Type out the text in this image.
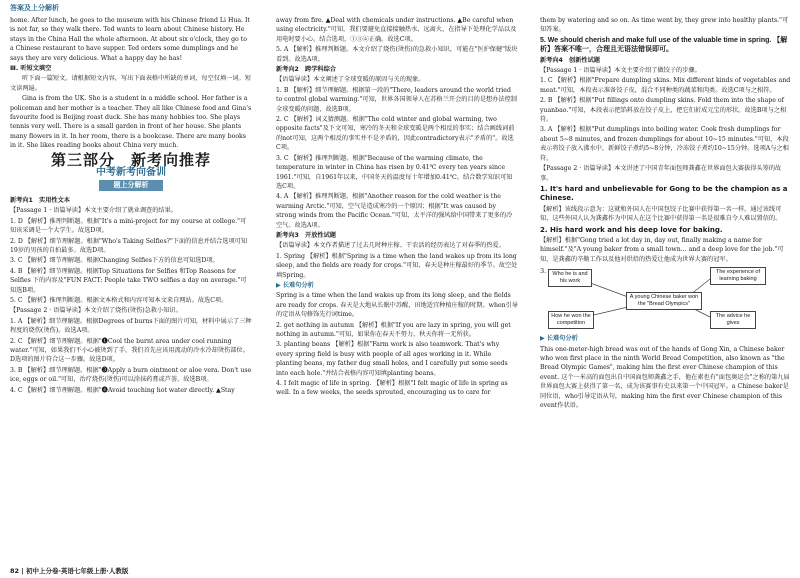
答案及上分解析

home. After lunch, he goes to the museum with his Chinese friend Li Hua. It is not far, so they walk there. Ted wants to learn about Chinese history. He stays in the China Hall the whole afternoon. At about six o'clock, they go to a Chinese restaurant to have supper. Ted orders some dumplings and he says they are very delicious. What a happy day he has!

Ⅲ. 听短文填空

听下面一篇短文。请根据短文内容，写出下面表格中所缺的单词，每空仅填一词。短文读两遍。

Gina is from the UK. She is a student in a middle school. Her father is a policeman and her mother is a teacher. They all like Chinese food and Gina's favourite food is Beijing roast duck. She has many hobbies too. She plays tennis very well. There is a small garden in front of her house. She plants many flowers in it. In her room, there is a bookcase. There are many books in it. She likes reading books about China very much.

第三部分　新考向推荐
中考新考向备训
题上分解析

新考向1　实用性文本

【Passage 1 · 语篇导读】本文主要介绍了就业调查的结果。

1. D 【解析】推理判断题。根据"It's a mini-project for my course at college."可知该采调是一个大学生。故选D项。

2. D 【解析】细节理解题。根据"Who's Taking Selfies?"下面的信息并结合选项可知19岁的男孩的自拍最多。故选D项。

3. C 【解析】细节理解题。根据Changing Selfies下方的信息可知选D项。

4. B 【解析】细节理解题。根据Top Situations for Selfies 和Top Reasons for Selfies 下的内容及"FUN FACT: People take TWO selfies a day on average."可知选B项。

5. C 【解析】推理判断题。根据文本格式和内容可知本文来自网站。故选C项。

【Passage 2 · 语篇导读】本文介绍了烧伤(烫伤)急救小知识。

1. A 【解析】细节理解题。根据Degrees of burns下面的图片可知，材料中展示了三种程度的烧伤(烫伤)。故选A项。

2. C 【解析】细节理解题。根据"❶Cool the burnt area under cool running water."可知，如果我们不小心被烫到了手，我们首先应该用流动的冷水冷却烫伤部位。D选项的图片符合这一步骤。故选D项。

3. B 【解析】细节理解题。根据"❸Apply a burn ointment or aloe vera. Don't use ice, eggs or oil."可知，治疗烧伤(烫伤)可以涂抹药膏或芦荟。故选B项。

4. C 【解析】细节理解题。根据"❹Avoid touching hot water directly. ▲Stay

away from fire. ▲Deal with chemicals under instructions. ▲Be careful when using electricity."可知，我们要避免直接接触热水、远离火、在指导下处理化学品以及用电时要小心。结合选项，①③④正确。故选C项。

5. A 【解析】推理判断题。本文介绍了烧伤(烫伤)的急救小知识，可能在"医护保健"版块看到。故选A项。

新考向2　跨学科综合

【语篇导读】本文阐述了全球变暖的原因与关的现象。

1. B 【解析】细节理解题。根据第一段的"There, leaders around the world tried to control global warming."可知，世界各国领导人在苏格兰开会的目的是想办法控制全球变暖的问题，故选B项。

2. C 【解析】词义猜测题。根据"The cold winter and global warming, two opposite facts"及下文可知，寒冷的冬天和全球变暖是两个相反的事实；结合画线词前的not可知，这两个相反的事实并不是矛盾的，因此contradictory表示"矛盾的"。故选C项。

3. C 【解析】推理判断题。根据"Because of the warming climate, the temperature in winter in China has risen by 0.41℃ every ten years since 1961."可知，自1961年以来，中国冬天的温度每十年增加0.41℃。结合数学知识可知选C项。

4. A 【解析】推理判断题。根据"Another reason for the cold weather is the warming Arctic."可知，空气是造成寒冷的一个原因；根据"It was caused by strong winds from the Pacific Ocean."可知，太平洋的强风给中国带来了更多的冷空气。故选A项。

新考向3　开放性试题

【语篇导读】本文作者描述了过去几时种庄稼、干农活的经历表达了对春季的热爱。

1. Spring 【解析】根据"Spring is a time when the land wakes up from its long sleep, and the fields are ready for crops."可知，春天是种庄稼最好的季节。故空处填Spring。

▶ 长难句分析

Spring is a time when the land wakes up from its long sleep, and the fields are ready for crops. 春天是大地从长眠中苏醒，田地适宜种植庄稼的时期。when引导的定语从句修饰先行词time。

2. get nothing in autumn 【解析】根据"If you are lazy in spring, you will get nothing in autumn."可知，如果你在春天不努力，秋天你将一无所获。

3. planting beans 【解析】根据"Farm work is also teamwork. That's why every spring field is busy with people of all ages working in it. While planting beans, my father dug small holes, and I carefully put some seeds into each hole."并结合表格内容可知填planting beans。

4. I felt magic of life in spring. 【解析】根据"I felt magic of life in spring as well. In a few weeks, the seeds sprouted, encouraging us to care for

them by watering and so on. As time went by, they grew into healthy plants."可知答案。

5. We should cherish and make full use of the valuable time in spring. 【解析】答案不唯一，合理且无语法错误即可。

新考向4　创新性试题

【Passage 1 · 语篇导读】本文主要介绍了做饺子的步骤。

1. C 【解析】根据"Prepare dumpling skins. Mix different kinds of vegetables and meat."可知，本段表示准备饺子皮，混合不同种类的蔬菜和肉类。故选C项与之相符。

2. B 【解析】根据"Put fillings onto dumpling skins. Fold them into the shape of yuanbao."可知，本段表示把馅料放在饺子皮上，把它们折成元宝的形状。故选B项与之相符。

3. A 【解析】根据"Put dumplings into boiling water. Cook fresh dumplings for about 5~8 minutes, and frozen dumplings for about 10~15 minutes."可知，本段表示将饺子放入沸水中，新鲜饺子煮约5~8分钟，冷冻饺子煮约10~15分钟。选项A与之相符。

【Passage 2 · 语篇导读】本文讲述了中国青年面包师龚鑫在世界面包大赛拔得头筹的故事。

1. It's hard and unbelievable for Gong to be the champion as a Chinese.

【解析】该线段示意为：这就和外国人在中国包饺子比赛中获得第一名一样。通过该线可知，这些外国人认为龚鑫作为中国人在这个比赛中获得第一名是很难自令人难以置信的。

2. His hard work and his deep love for baking.

【解析】根据"Gong tried a lot day in, day out, finally making a name for himself."及"A young baker from a small town... and a deep love for the job."可知，是龚鑫的辛勤工作以及他对烘焙的热爱让他成为世界大赛的冠军。

3.	Who he is and his work
The experience of learning baking
A young Chinese baker won the "Bread Olympics"
How he won the competition
The advice he gives

▶ 长难句分析

This one-meter-high bread was out of the hands of Gong Xin, a Chinese baker who won first place in the ninth World Bread Competition, also known as "the Bread Olympic Games", making him the first ever Chinese champion of this event. 这个一米高的面包出自中国面包师龚鑫之手，他在素也有"面包奥运会"之称的第九届世界面包大赛上获得了第一名，成为该赛事有史以来第一个中国冠军。a Chinese baker是同位语，who引导定语从句，making him the first ever Chinese champion of this event作状语。

82 | 初中上分卷·英语七年级上册·人教版
